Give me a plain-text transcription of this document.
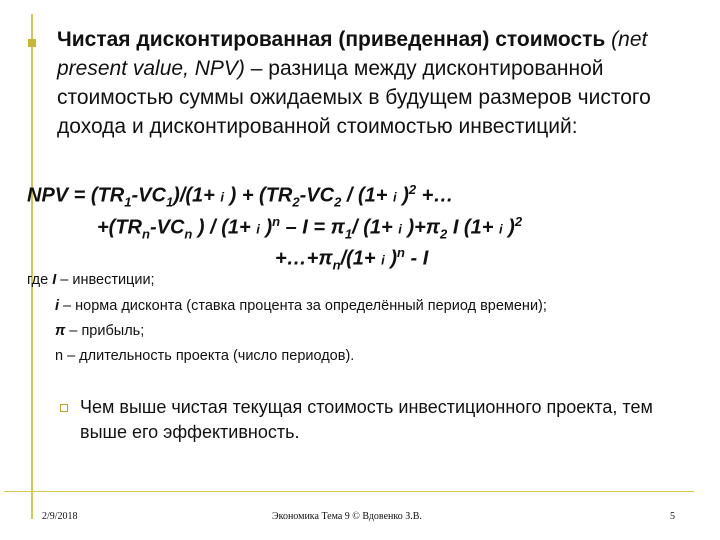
Чистая дисконтированная (приведенная) стоимость (net present value, NPV) – разница между дисконтированной стоимостью суммы ожидаемых в будущем размеров чистого дохода и дисконтированной стоимостью инвестиций:
NPV = $(TR_1-VC_1)/(1+ i$ ) + ($TR_2-VC_2 / (1+ i$ )$^2$ +…
$+(TR_n-VC_n$ ) / (1+ i )$^n - I = \pi_1/$ (1+ i )$+\pi_2$ I (1+ i )$^2$
$+\dots+\pi_n/(1+ i$ )$^n$ - I
где I – инвестиции;
i – норма дисконта (ставка процента за определённый период времени);
π – прибыль;
n – длительность проекта (число периодов).
Чем выше чистая текущая стоимость инвестиционного проекта, тем выше его эффективность.
2/9/2018	Экономика Тема 9 © Вдовенко З.В.	5
